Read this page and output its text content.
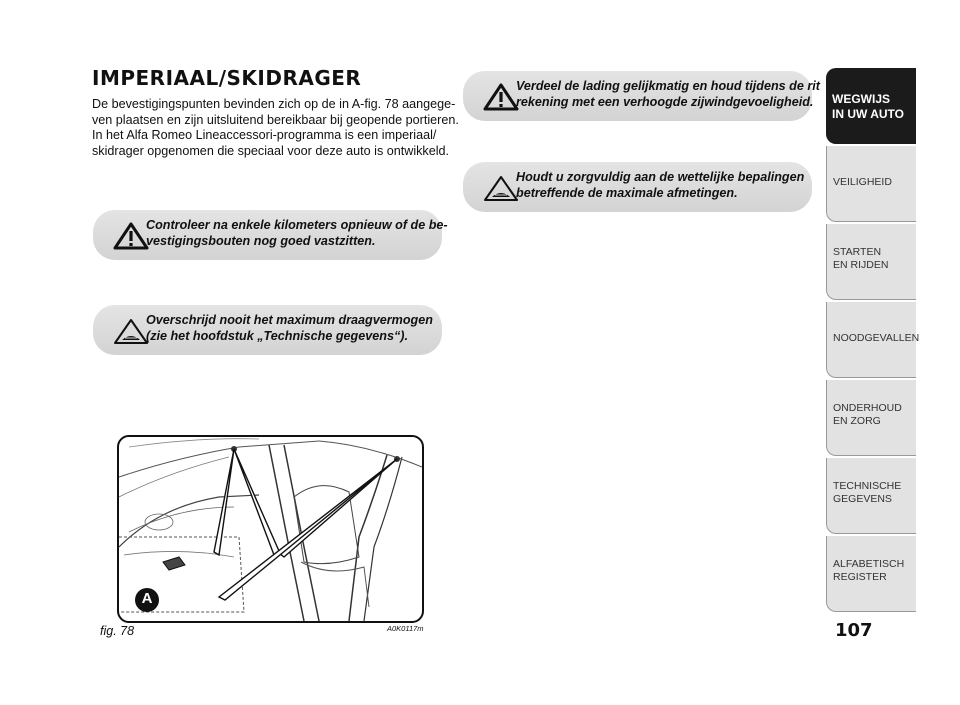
IMPERIAAL/SKIDRAGER

De bevestigingspunten bevinden zich op de in A-fig. 78 aangege-
ven plaatsen en zijn uitsluitend bereikbaar bij geopende portieren.
In het Alfa Romeo Lineaccessori-programma is een imperiaal/
skidrager opgenomen die speciaal voor deze auto is ontwikkeld.

Controleer na enkele kilometers opnieuw of de be-
vestigingsbouten nog goed vastzitten.
Overschrijd nooit het maximum draagvermogen
(zie het hoofdstuk „Technische gegevens“).
Verdeel de lading gelijkmatig en houd tijdens de rit
rekening met een verhoogde zijwindgevoeligheid.
Houdt u zorgvuldig aan de wettelijke bepalingen
betreffende de maximale afmetingen.
A
fig. 78	A0K0117m	107
WEGWIJS
IN UW AUTO
VEILIGHEID
STARTEN
EN RIJDEN
NOODGEVALLEN
ONDERHOUD
EN ZORG
TECHNISCHE
GEGEVENS
ALFABETISCH
REGISTER
